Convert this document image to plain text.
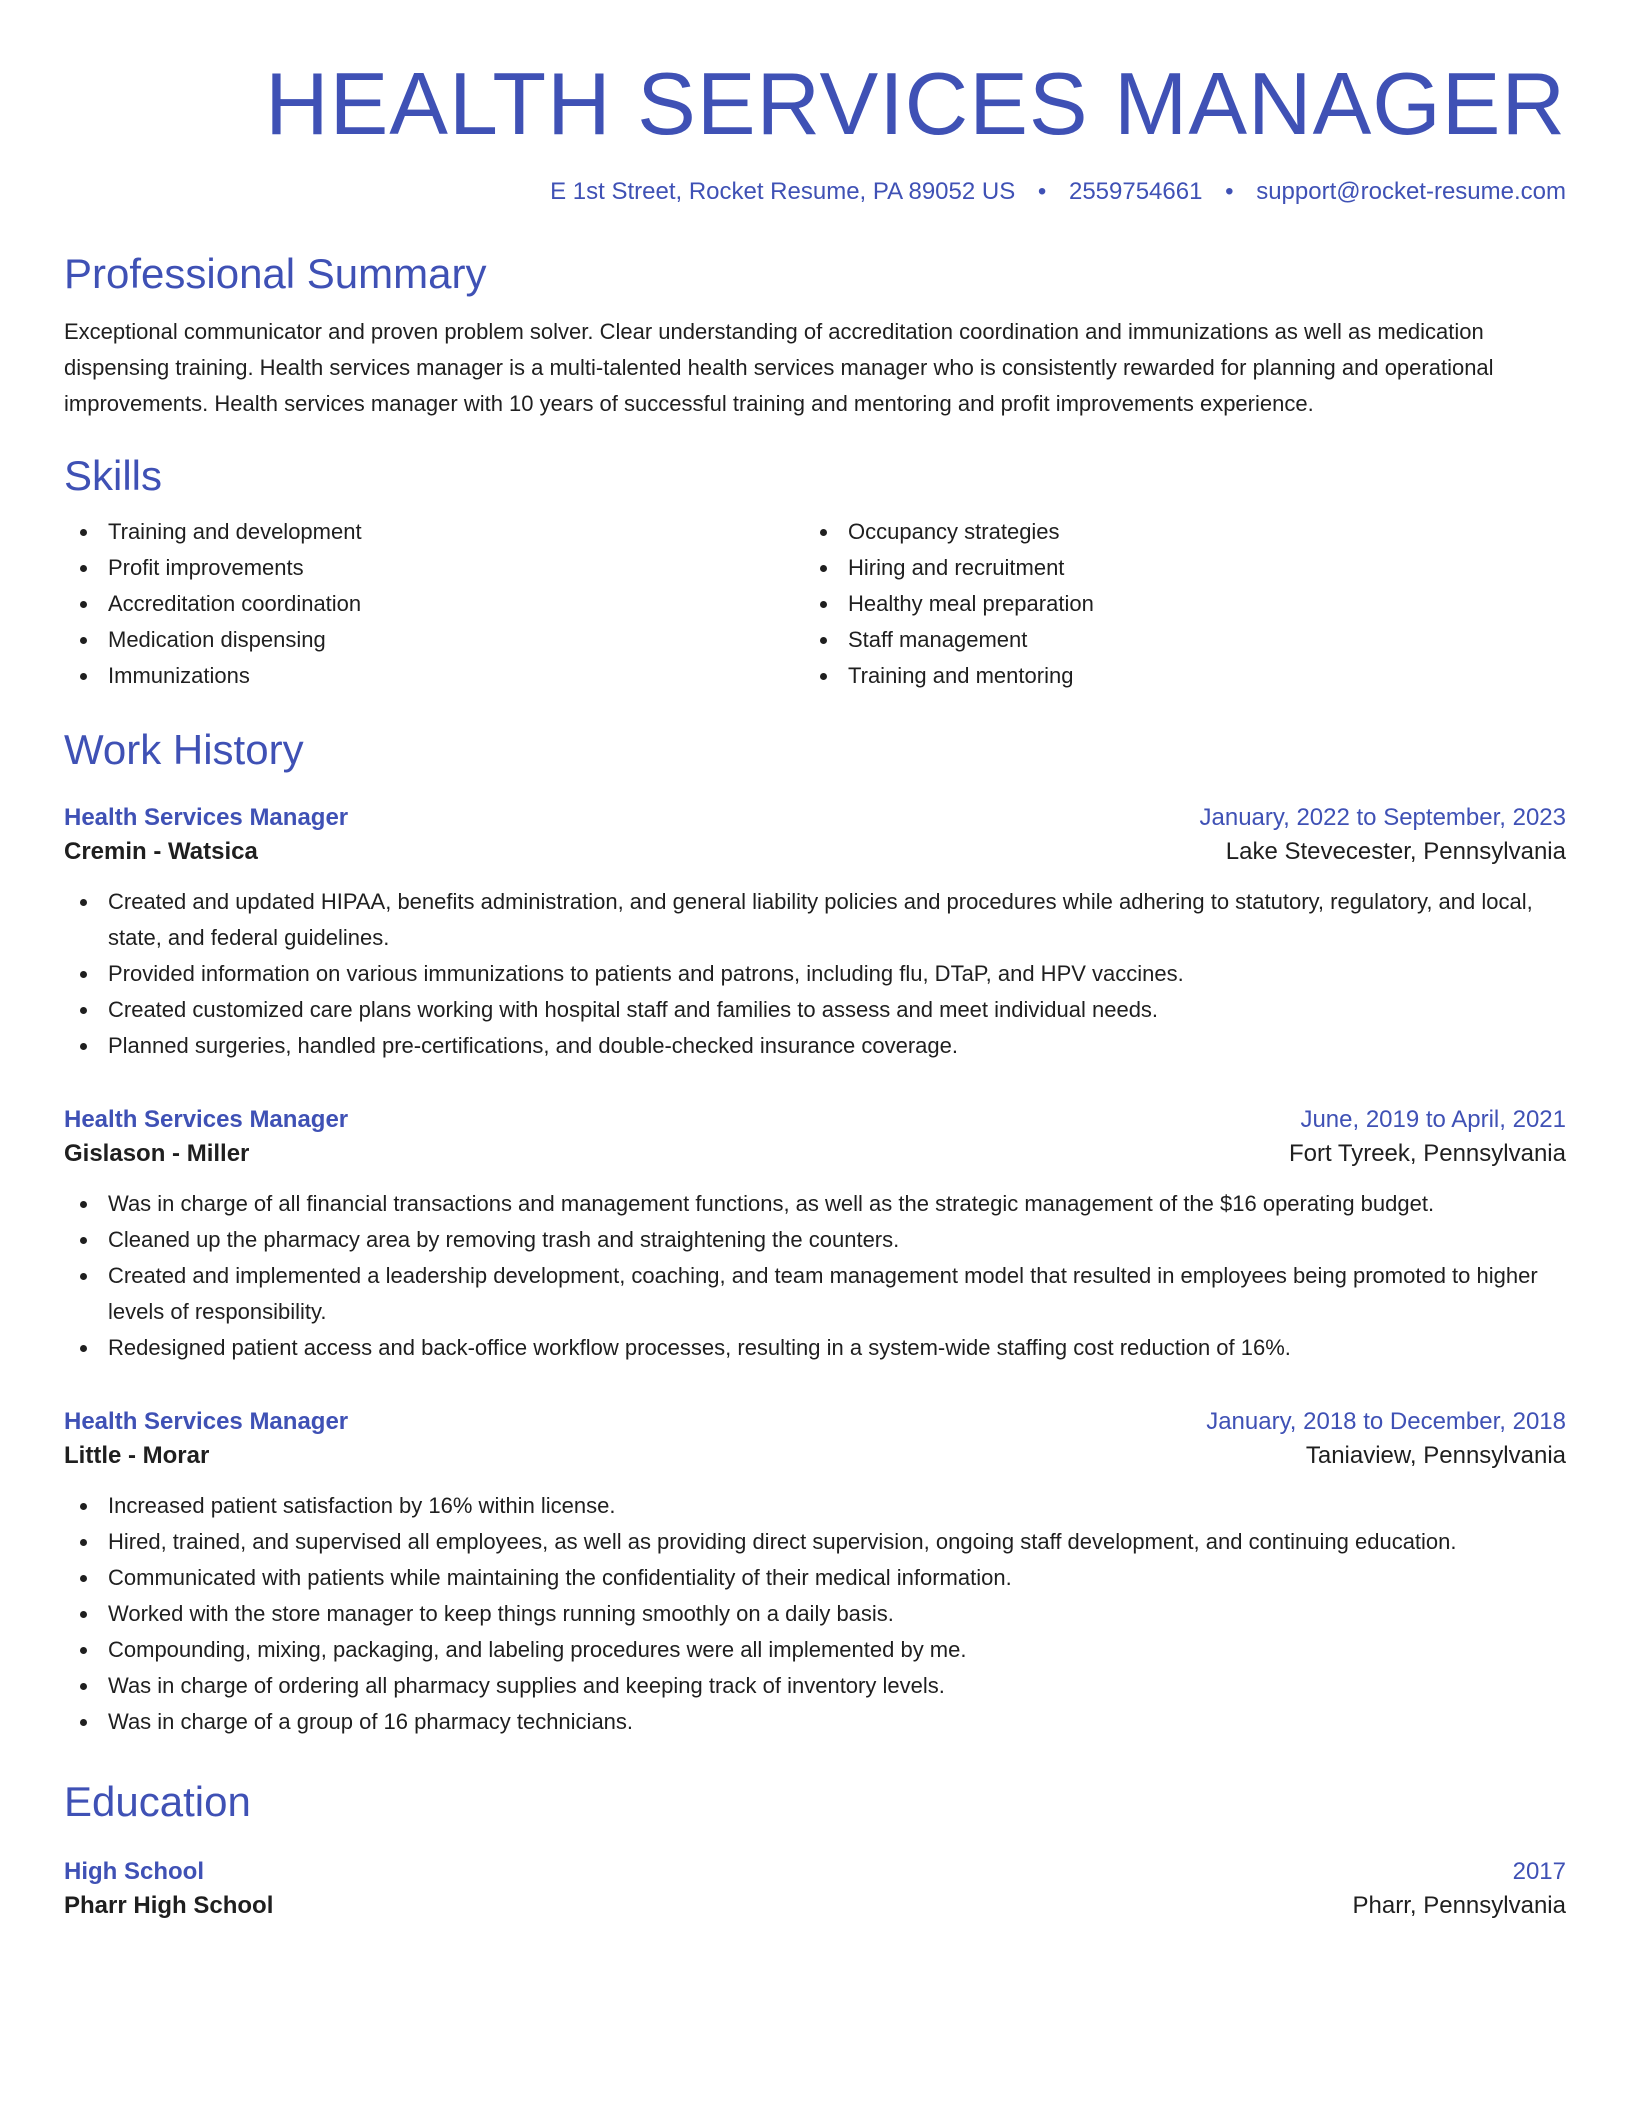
HEALTH SERVICES MANAGER
E 1st Street, Rocket Resume, PA 89052 US • 2559754661 • support@rocket-resume.com
Professional Summary

Exceptional communicator and proven problem solver. Clear understanding of accreditation coordination and immunizations as well as medication dispensing training. Health services manager is a multi-talented health services manager who is consistently rewarded for planning and operational improvements. Health services manager with 10 years of successful training and mentoring and profit improvements experience.

Skills
Training and development
Profit improvements
Accreditation coordination
Medication dispensing
Immunizations
Occupancy strategies
Hiring and recruitment
Healthy meal preparation
Staff management
Training and mentoring
Work History
Health Services Manager	January, 2022 to September, 2023
Cremin - Watsica	Lake Stevecester, Pennsylvania
Created and updated HIPAA, benefits administration, and general liability policies and procedures while adhering to statutory, regulatory, and local, state, and federal guidelines.
Provided information on various immunizations to patients and patrons, including flu, DTaP, and HPV vaccines.
Created customized care plans working with hospital staff and families to assess and meet individual needs.
Planned surgeries, handled pre-certifications, and double-checked insurance coverage.
Health Services Manager	June, 2019 to April, 2021
Gislason - Miller	Fort Tyreek, Pennsylvania
Was in charge of all financial transactions and management functions, as well as the strategic management of the $16 operating budget.
Cleaned up the pharmacy area by removing trash and straightening the counters.
Created and implemented a leadership development, coaching, and team management model that resulted in employees being promoted to higher levels of responsibility.
Redesigned patient access and back-office workflow processes, resulting in a system-wide staffing cost reduction of 16%.
Health Services Manager	January, 2018 to December, 2018
Little - Morar	Taniaview, Pennsylvania
Increased patient satisfaction by 16% within license.
Hired, trained, and supervised all employees, as well as providing direct supervision, ongoing staff development, and continuing education.
Communicated with patients while maintaining the confidentiality of their medical information.
Worked with the store manager to keep things running smoothly on a daily basis.
Compounding, mixing, packaging, and labeling procedures were all implemented by me.
Was in charge of ordering all pharmacy supplies and keeping track of inventory levels.
Was in charge of a group of 16 pharmacy technicians.
Education
High School	2017
Pharr High School	Pharr, Pennsylvania
